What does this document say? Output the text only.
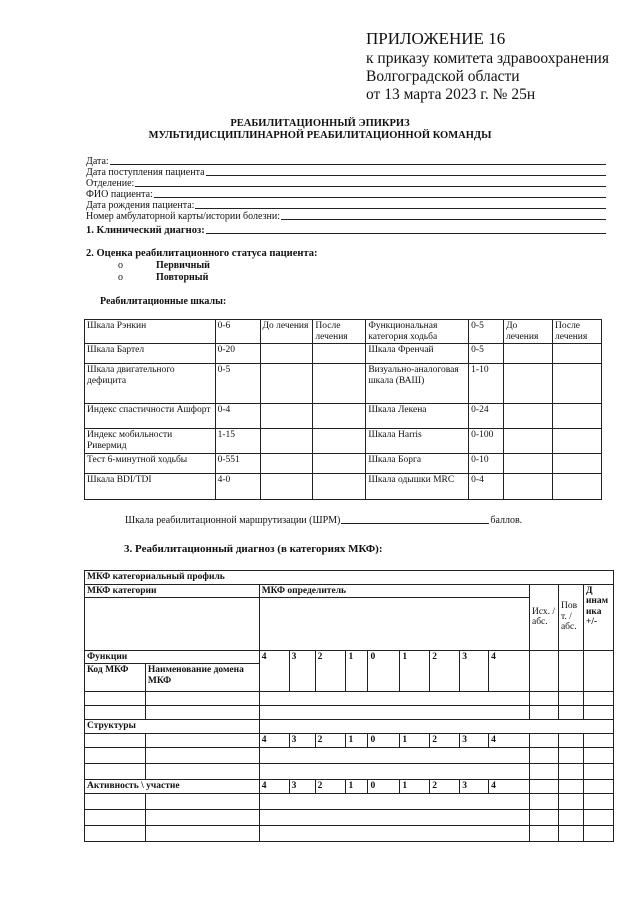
ПРИЛОЖЕНИЕ 16
к приказу комитета здравоохранения
Волгоградской области
от 13 марта 2023 г. № 25н
РЕАБИЛИТАЦИОННЫЙ ЭПИКРИЗ
МУЛЬТИДИСЦИПЛИНАРНОЙ РЕАБИЛИТАЦИОННОЙ КОМАНДЫ
Дата:
Дата поступления пациента
Отделение:
ФИО пациента:
Дата рождения пациента:
Номер амбулаторной карты/истории болезни:
1. Клинический диагноз:
2. Оценка реабилитационного статуса пациента:
o	Первичный
o	Повторный
Реабилитационные шкалы:
Шкала Рэнкин	0-6	До лечения	После лечения	Функциональная категория ходьба	0-5	До лечения	После лечения
Шкала Бартел	0-20			Шкала Френчай	0-5		
Шкала двигательного дефицита	0-5			Визуально-аналоговая шкала (ВАШ)	1-10		
Индекс спастичности Ашфорт	0-4			Шкала Лекена	0-24		
Индекс мобильности Ривермид	1-15			Шкала Harris	0-100		
Тест 6-минутной ходьбы	0-551			Шкала Борга	0-10		
Шкала BDI/TDI	4-0			Шкала одышки MRC	0-4		
Шкала реабилитационной маршрутизации (ШРМ)	баллов.
3. Реабилитационный диагноз (в категориях МКФ):
МКФ категориальный профиль													
МКФ категории		МКФ определитель									Исх. /абс.	Пов т. /абс.	Д инам ика +/-
Функции		4	3	2	1	0	1	2	3	4			
Код МКФ	Наименование домена МКФ												

Структуры													
		4	3	2	1	0	1	2	3	4			

Активность \ участие		4	3	2	1	0	1	2	3	4			
